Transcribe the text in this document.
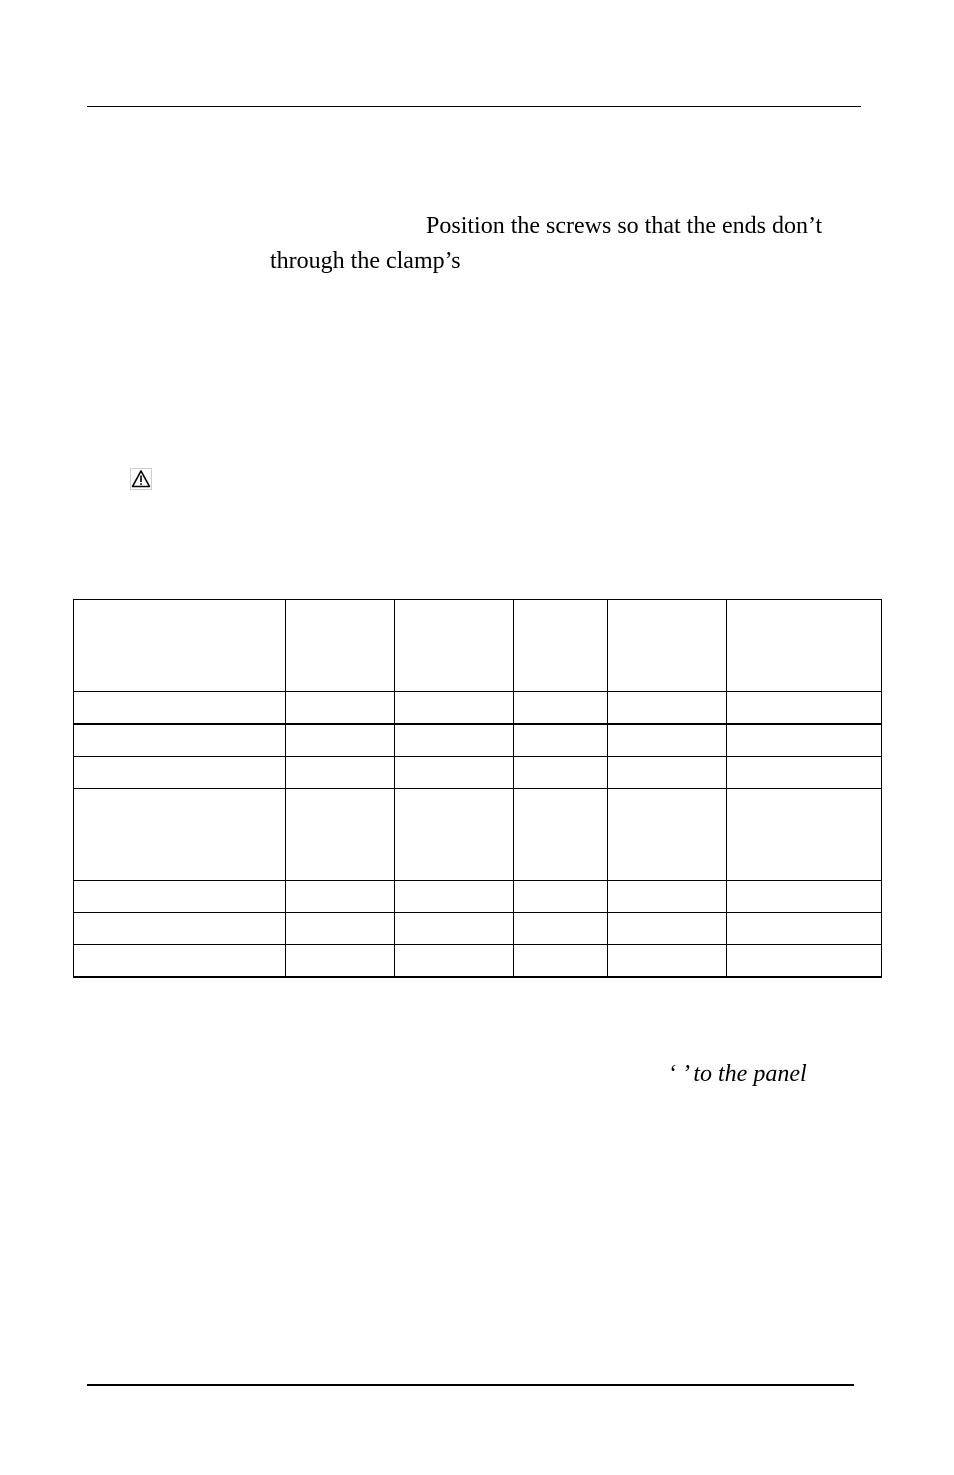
Position the screws so that the ends don’t
through the clamp’s

‘ ’ to the panel
